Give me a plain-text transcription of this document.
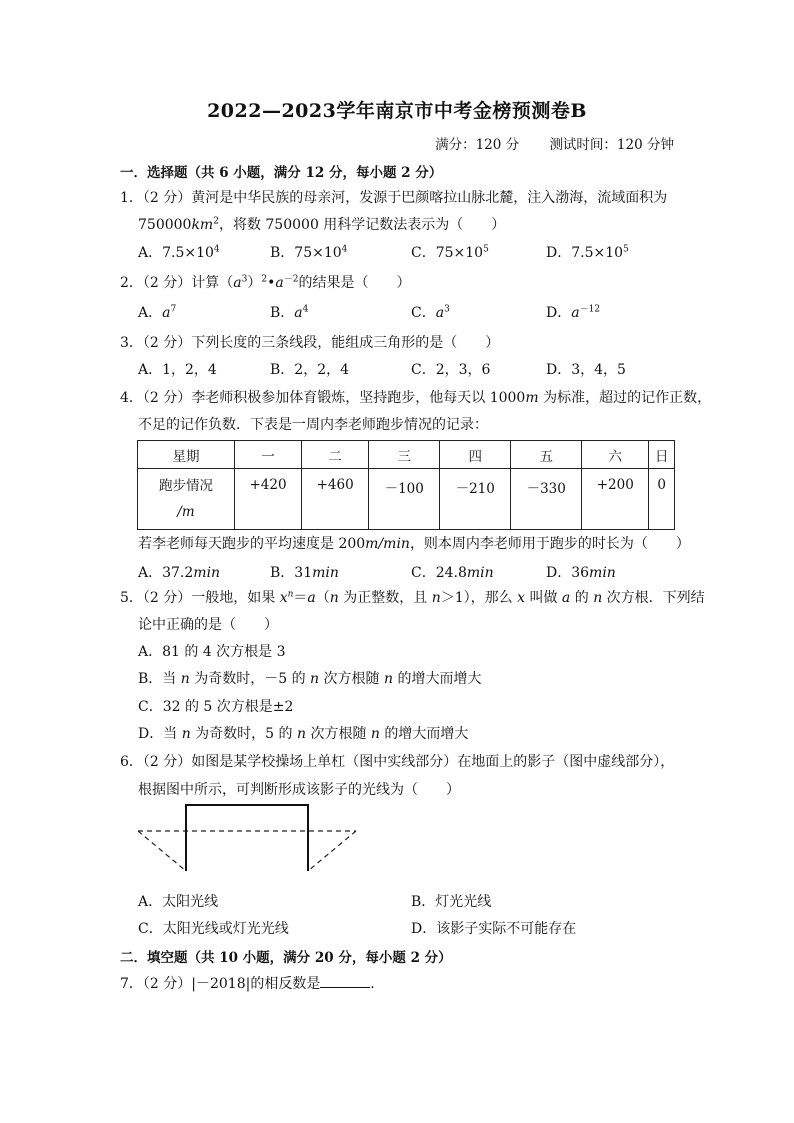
2022—2023学年南京市中考金榜预测卷B
满分：120 分 测试时间：120 分钟
一．选择题（共 6 小题，满分 12 分，每小题 2 分）
1．（2 分）黄河是中华民族的母亲河，发源于巴颜喀拉山脉北麓，注入渤海，流域面积为
$750000km^2$，将数 750000 用科学记数法表示为（　　）
A．$7.5\times 10^4$	B．$75\times 10^4$	C．$75\times 10^5$	D．$7.5\times 10^5$
2．（2 分）计算$(a^3)^2•a^{-2}$的结果是（　　）
A．$a^7$	B．$a^4$	C．$a^3$	D．$a^{-12}$
3．（2 分）下列长度的三条线段，能组成三角形的是（　　）
A．1，2，4	B．2，2，4	C．2，3，6	D．3，4，5
4．（2 分）李老师积极参加体育锻炼，坚持跑步，他每天以 1000m 为标准，超过的记作正数，
不足的记作负数．下表是一周内李老师跑步情况的记录：
星期	一	二	三	四	五	六	日
跑步情况
/m	+420	+460	－100	－210	－330	+200	0
若李老师每天跑步的平均速度是 200m/min，则本周内李老师用于跑步的时长为（　　）
A．37.2min	B．31min	C．24.8min	D．36min
5．（2 分）一般地，如果 $x^n=a(n$ 为正整数，且 n＞1），那么 x 叫做 a 的 n 次方根．下列结
论中正确的是（　　）
A．81 的 4 次方根是 3
B．当 n 为奇数时，－5 的 n 次方根随 n 的增大而增大
C．32 的 5 次方根是±2
D．当 n 为奇数时，5 的 n 次方根随 n 的增大而增大
6．（2 分）如图是某学校操场上单杠（图中实线部分）在地面上的影子（图中虚线部分），
根据图中所示，可判断形成该影子的光线为（　　）
A．太阳光线	B．灯光光线
C．太阳光线或灯光光线	D．该影子实际不可能存在
二．填空题（共 10 小题，满分 20 分，每小题 2 分）
7．（2 分）|－2018|的相反数是	．
